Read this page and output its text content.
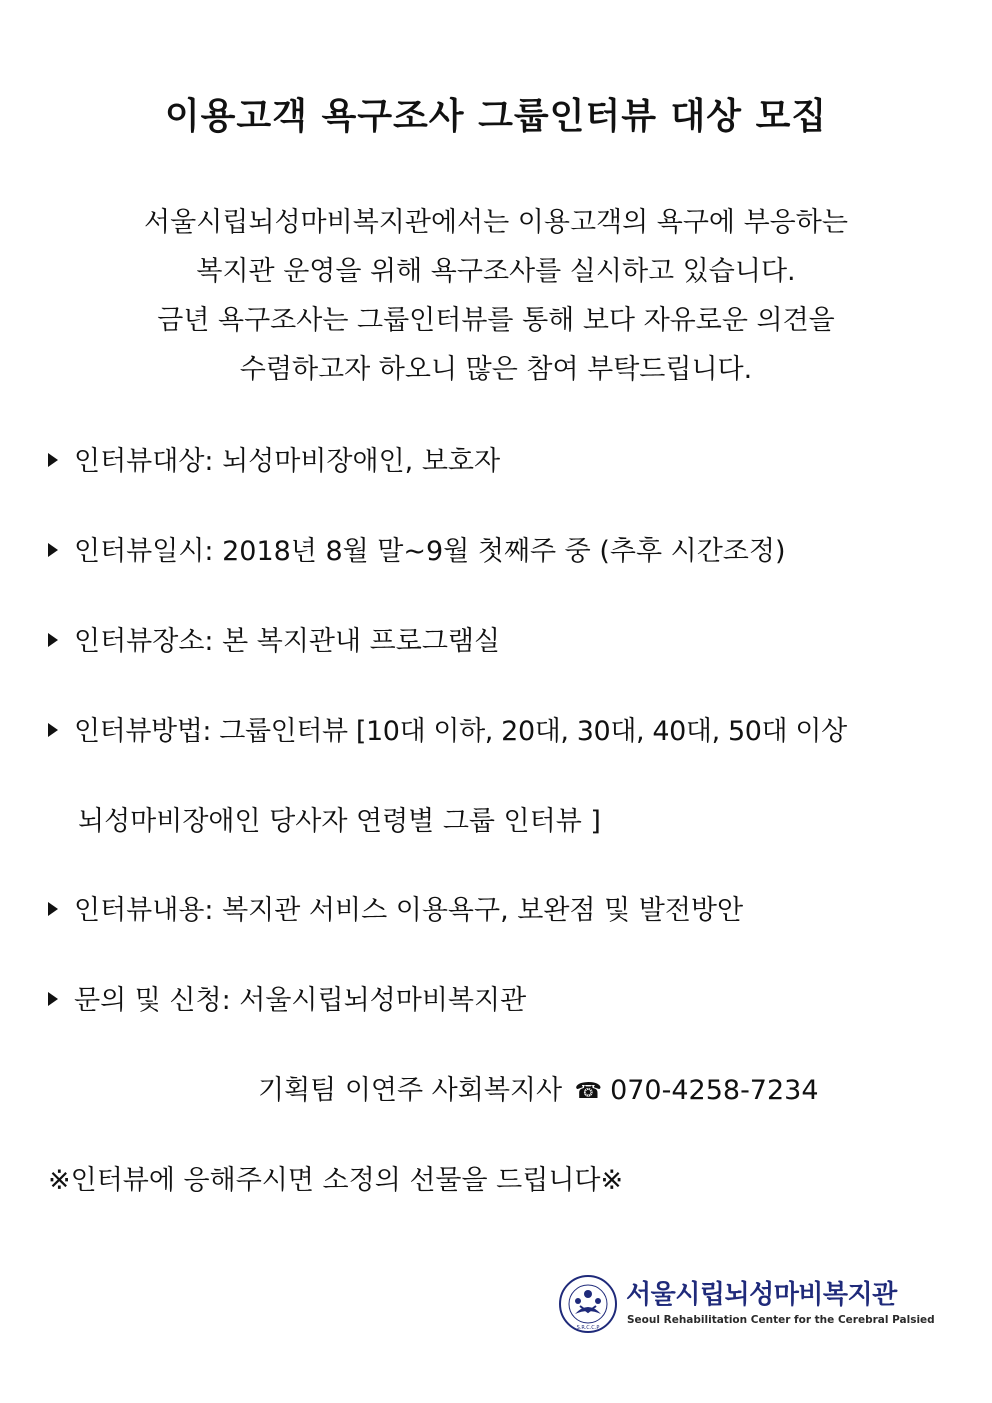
이용고객 욕구조사 그룹인터뷰 대상 모집
서울시립뇌성마비복지관에서는 이용고객의 욕구에 부응하는
복지관 운영을 위해 욕구조사를 실시하고 있습니다.
금년 욕구조사는 그룹인터뷰를 통해 보다 자유로운 의견을
수렴하고자 하오니 많은 참여 부탁드립니다.
인터뷰대상: 뇌성마비장애인, 보호자
인터뷰일시: 2018년 8월 말~9월 첫째주 중 (추후 시간조정)
인터뷰장소: 본 복지관내 프로그램실
인터뷰방법: 그룹인터뷰 [10대 이하, 20대, 30대, 40대, 50대 이상
뇌성마비장애인 당사자 연령별 그룹 인터뷰 ]
인터뷰내용: 복지관 서비스 이용욕구, 보완점 및 발전방안
문의 및 신청: 서울시립뇌성마비복지관
기획팀 이연주 사회복지사 ☎ 070-4258-7234
※인터뷰에 응해주시면 소정의 선물을 드립니다※
S.R.C.C.P
서울시립뇌성마비복지관
Seoul Rehabilitation Center for the Cerebral Palsied
